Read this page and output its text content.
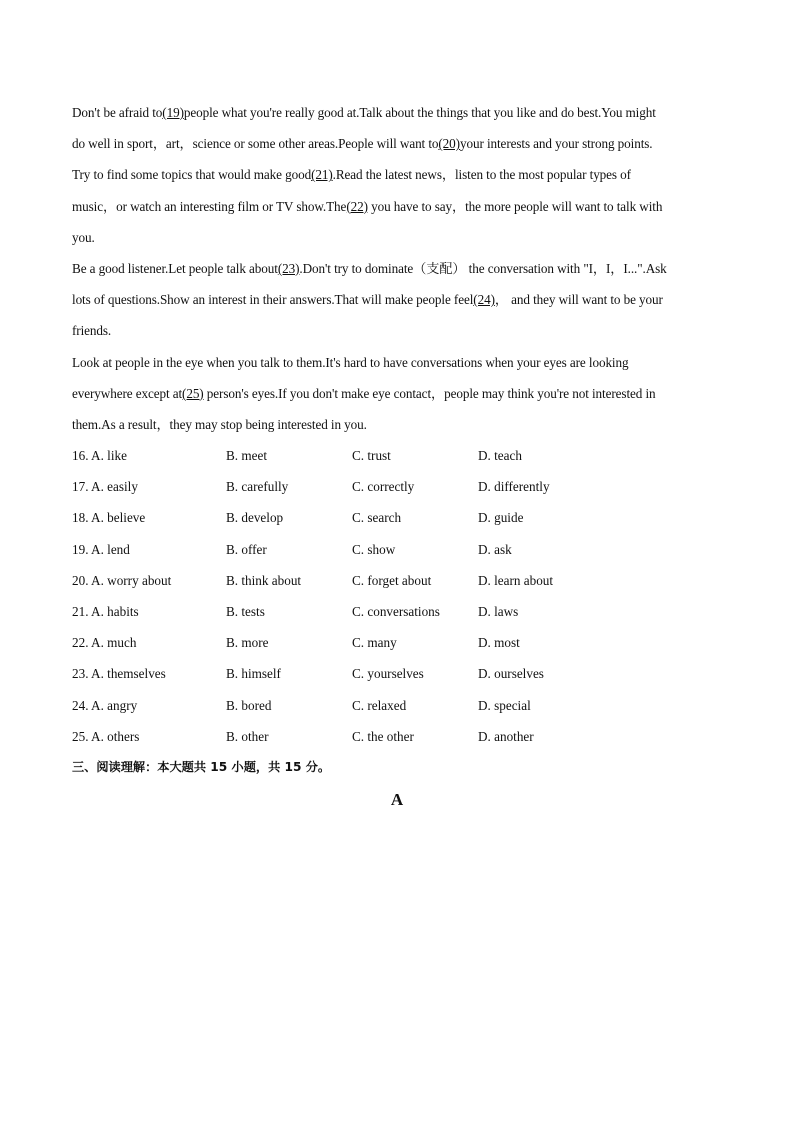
Don't be afraid to(19)people what you're really good at.Talk about the things that you like and do best.You might
do well in sport，art，science or some other areas.People will want to(20)your interests and your strong points.
Try to find some topics that would make good(21).Read the latest news，listen to the most popular types of
music，or watch an interesting film or TV show.The(22) you have to say，the more people will want to talk with
you.
Be a good listener.Let people talk about(23).Don't try to dominate（支配） the conversation with "I，I，I...".Ask
lots of questions.Show an interest in their answers.That will make people feel(24)， and they will want to be your
friends.
Look at people in the eye when you talk to them.It's hard to have conversations when your eyes are looking
everywhere except at(25) person's eyes.If you don't make eye contact，people may think you're not interested in
them.As a result，they may stop being interested in you.
16. A. like	B. meet	C. trust	D. teach
17. A. easily	B. carefully	C. correctly	D. differently
18. A. believe	B. develop	C. search	D. guide
19. A. lend	B. offer	C. show	D. ask
20. A. worry about	B. think about	C. forget about	D. learn about
21. A. habits	B. tests	C. conversations	D. laws
22. A. much	B. more	C. many	D. most
23. A. themselves	B. himself	C. yourselves	D. ourselves
24. A. angry	B. bored	C. relaxed	D. special
25. A. others	B. other	C. the other	D. another
三、阅读理解：本大题共 15 小题，共 15 分。
A
